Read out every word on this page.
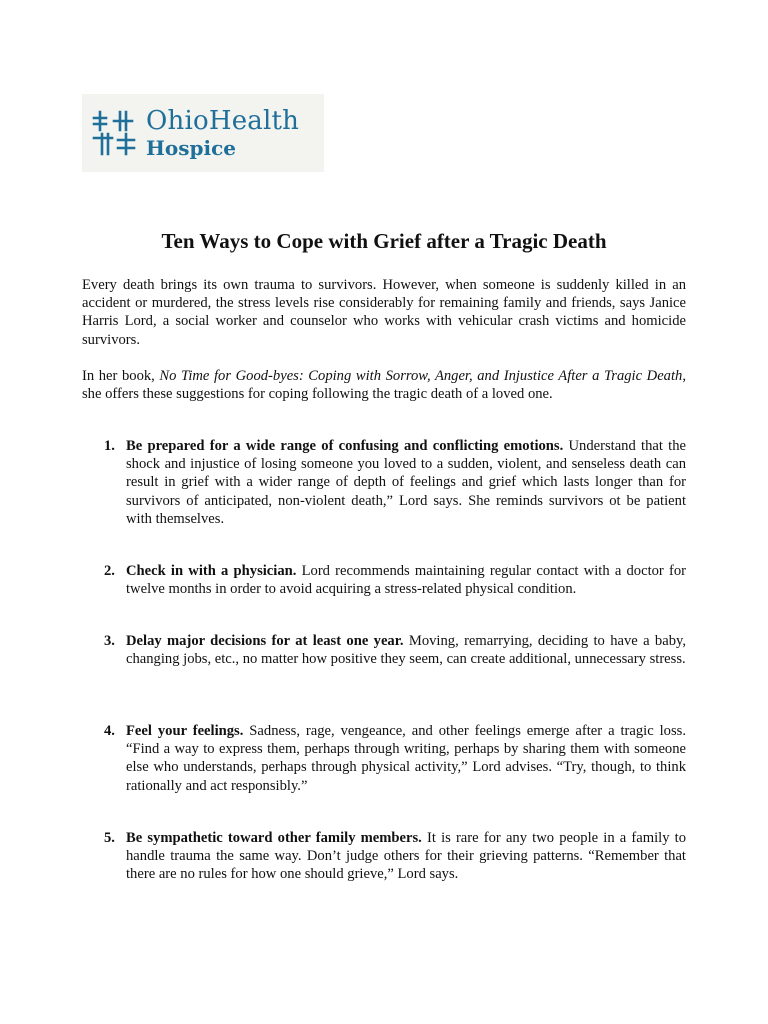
OhioHealth
Hospice
Ten Ways to Cope with Grief after a Tragic Death

Every death brings its own trauma to survivors. However, when someone is suddenly killed in an accident or murdered, the stress levels rise considerably for remaining family and friends, says Janice Harris Lord, a social worker and counselor who works with vehicular crash victims and homicide survivors.

In her book, No Time for Good-byes: Coping with Sorrow, Anger, and Injustice After a Tragic Death, she offers these suggestions for coping following the tragic death of a loved one.

1. Be prepared for a wide range of confusing and conflicting emotions. Understand that the shock and injustice of losing someone you loved to a sudden, violent, and senseless death can result in grief with a wider range of depth of feelings and grief which lasts longer than for survivors of anticipated, non-violent death,” Lord says. She reminds survivors ot be patient with themselves.
2. Check in with a physician. Lord recommends maintaining regular contact with a doctor for twelve months in order to avoid acquiring a stress-related physical condition.
3. Delay major decisions for at least one year. Moving, remarrying, deciding to have a baby, changing jobs, etc., no matter how positive they seem, can create additional, unnecessary stress.
4. Feel your feelings. Sadness, rage, vengeance, and other feelings emerge after a tragic loss. “Find a way to express them, perhaps through writing, perhaps by sharing them with someone else who understands, perhaps through physical activity,” Lord advises. “Try, though, to think rationally and act responsibly.”
5. Be sympathetic toward other family members. It is rare for any two people in a family to handle trauma the same way. Don’t judge others for their grieving patterns. “Remember that there are no rules for how one should grieve,” Lord says.
